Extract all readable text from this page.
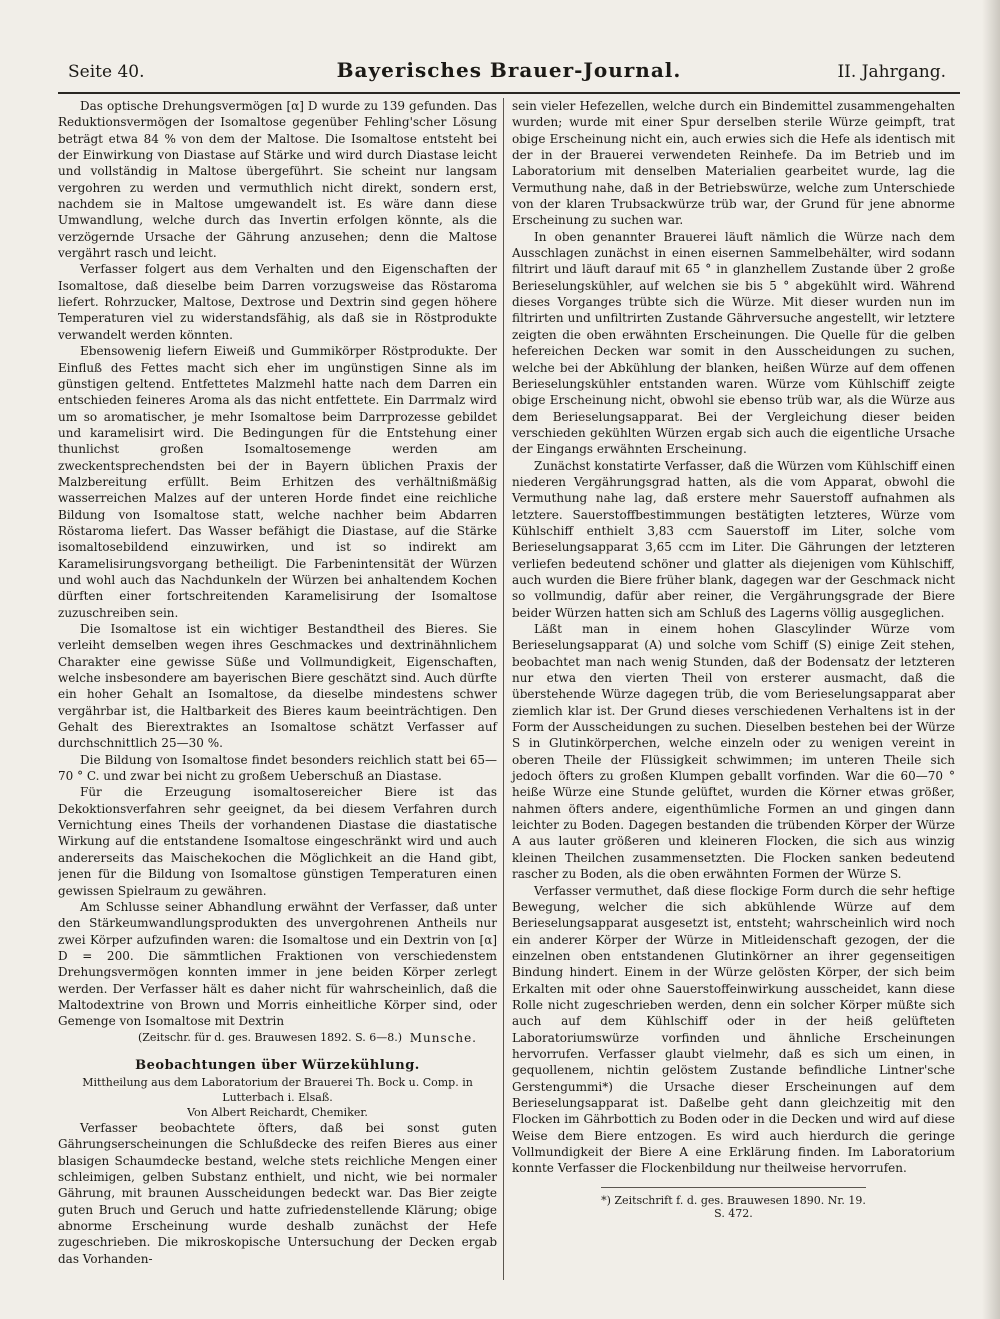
Seite 40.	Bayerisches Brauer-Journal.	II. Jahrgang.

Das optische Drehungsvermögen [α] D wurde zu 139 gefunden. Das Reduktionsvermögen der Isomaltose gegenüber Fehling'scher Lösung beträgt etwa 84 % von dem der Maltose. Die Isomaltose entsteht bei der Einwirkung von Diastase auf Stärke und wird durch Diastase leicht und vollständig in Maltose übergeführt. Sie scheint nur langsam vergohren zu werden und vermuthlich nicht direkt, sondern erst, nachdem sie in Maltose umgewandelt ist. Es wäre dann diese Umwandlung, welche durch das Invertin erfolgen könnte, als die verzögernde Ursache der Gährung anzusehen; denn die Maltose vergährt rasch und leicht.

Verfasser folgert aus dem Verhalten und den Eigenschaften der Isomaltose, daß dieselbe beim Darren vorzugsweise das Röstaroma liefert. Rohrzucker, Maltose, Dextrose und Dextrin sind gegen höhere Temperaturen viel zu widerstandsfähig, als daß sie in Röstprodukte verwandelt werden könnten.

Ebensowenig liefern Eiweiß und Gummikörper Röstprodukte. Der Einfluß des Fettes macht sich eher im ungünstigen Sinne als im günstigen geltend. Entfettetes Malzmehl hatte nach dem Darren ein entschieden feineres Aroma als das nicht entfettete. Ein Darrmalz wird um so aromatischer, je mehr Isomaltose beim Darrprozesse gebildet und karamelisirt wird. Die Bedingungen für die Entstehung einer thunlichst großen Isomaltosemenge werden am zweckentsprechendsten bei der in Bayern üblichen Praxis der Malzbereitung erfüllt. Beim Erhitzen des verhältnißmäßig wasserreichen Malzes auf der unteren Horde findet eine reichliche Bildung von Isomaltose statt, welche nachher beim Abdarren Röstaroma liefert. Das Wasser befähigt die Diastase, auf die Stärke isomaltosebildend einzuwirken, und ist so indirekt am Karamelisirungsvorgang betheiligt. Die Farbenintensität der Würzen und wohl auch das Nachdunkeln der Würzen bei anhaltendem Kochen dürften einer fortschreitenden Karamelisirung der Isomaltose zuzuschreiben sein.

Die Isomaltose ist ein wichtiger Bestandtheil des Bieres. Sie verleiht demselben wegen ihres Geschmackes und dextrinähnlichem Charakter eine gewisse Süße und Vollmundigkeit, Eigenschaften, welche insbesondere am bayerischen Biere geschätzt sind. Auch dürfte ein hoher Gehalt an Isomaltose, da dieselbe mindestens schwer vergährbar ist, die Haltbarkeit des Bieres kaum beeinträchtigen. Den Gehalt des Bierextraktes an Isomaltose schätzt Verfasser auf durchschnittlich 25—30 %.

Die Bildung von Isomaltose findet besonders reichlich statt bei 65—70 ° C. und zwar bei nicht zu großem Ueberschuß an Diastase.

Für die Erzeugung isomaltosereicher Biere ist das Dekoktionsverfahren sehr geeignet, da bei diesem Verfahren durch Vernichtung eines Theils der vorhandenen Diastase die diastatische Wirkung auf die entstandene Isomaltose eingeschränkt wird und auch andererseits das Maischekochen die Möglichkeit an die Hand gibt, jenen für die Bildung von Isomaltose günstigen Temperaturen einen gewissen Spielraum zu gewähren.

Am Schlusse seiner Abhandlung erwähnt der Verfasser, daß unter den Stärkeumwandlungsprodukten des unvergohrenen Antheils nur zwei Körper aufzufinden waren: die Isomaltose und ein Dextrin von [α] D = 200. Die sämmtlichen Fraktionen von verschiedenstem Drehungsvermögen konnten immer in jene beiden Körper zerlegt werden. Der Verfasser hält es daher nicht für wahrscheinlich, daß die Maltodextrine von Brown und Morris einheitliche Körper sind, oder Gemenge von Isomaltose mit Dextrin

(Zeitschr. für d. ges. Brauwesen 1892. S. 6—8.) Munsche.
Beobachtungen über Würzekühlung.
Mittheilung aus dem Laboratorium der Brauerei Th. Bock u. Comp. in Lutterbach i. Elsaß.
Von Albert Reichardt, Chemiker.

Verfasser beobachtete öfters, daß bei sonst guten Gährungserscheinungen die Schlußdecke des reifen Bieres aus einer blasigen Schaumdecke bestand, welche stets reichliche Mengen einer schleimigen, gelben Substanz enthielt, und nicht, wie bei normaler Gährung, mit braunen Ausscheidungen bedeckt war. Das Bier zeigte guten Bruch und Geruch und hatte zufriedenstellende Klärung; obige abnorme Erscheinung wurde deshalb zunächst der Hefe zugeschrieben. Die mikroskopische Untersuchung der Decken ergab das Vorhanden-

sein vieler Hefezellen, welche durch ein Bindemittel zusammengehalten wurden; wurde mit einer Spur derselben sterile Würze geimpft, trat obige Erscheinung nicht ein, auch erwies sich die Hefe als identisch mit der in der Brauerei verwendeten Reinhefe. Da im Betrieb und im Laboratorium mit denselben Materialien gearbeitet wurde, lag die Vermuthung nahe, daß in der Betriebswürze, welche zum Unterschiede von der klaren Trubsackwürze trüb war, der Grund für jene abnorme Erscheinung zu suchen war.

In oben genannter Brauerei läuft nämlich die Würze nach dem Ausschlagen zunächst in einen eisernen Sammelbehälter, wird sodann filtrirt und läuft darauf mit 65 ° in glanzhellem Zustande über 2 große Berieselungskühler, auf welchen sie bis 5 ° abgekühlt wird. Während dieses Vorganges trübte sich die Würze. Mit dieser wurden nun im filtrirten und unfiltrirten Zustande Gährversuche angestellt, wir letztere zeigten die oben erwähnten Erscheinungen. Die Quelle für die gelben hefereichen Decken war somit in den Ausscheidungen zu suchen, welche bei der Abkühlung der blanken, heißen Würze auf dem offenen Berieselungskühler entstanden waren. Würze vom Kühlschiff zeigte obige Erscheinung nicht, obwohl sie ebenso trüb war, als die Würze aus dem Berieselungsapparat. Bei der Vergleichung dieser beiden verschieden gekühlten Würzen ergab sich auch die eigentliche Ursache der Eingangs erwähnten Erscheinung.

Zunächst konstatirte Verfasser, daß die Würzen vom Kühlschiff einen niederen Vergährungsgrad hatten, als die vom Apparat, obwohl die Vermuthung nahe lag, daß erstere mehr Sauerstoff aufnahmen als letztere. Sauerstoffbestimmungen bestätigten letzteres, Würze vom Kühlschiff enthielt 3,83 ccm Sauerstoff im Liter, solche vom Berieselungsapparat 3,65 ccm im Liter. Die Gährungen der letzteren verliefen bedeutend schöner und glatter als diejenigen vom Kühlschiff, auch wurden die Biere früher blank, dagegen war der Geschmack nicht so vollmundig, dafür aber reiner, die Vergährungsgrade der Biere beider Würzen hatten sich am Schluß des Lagerns völlig ausgeglichen.

Läßt man in einem hohen Glascylinder Würze vom Berieselungsapparat (A) und solche vom Schiff (S) einige Zeit stehen, beobachtet man nach wenig Stunden, daß der Bodensatz der letzteren nur etwa den vierten Theil von ersterer ausmacht, daß die überstehende Würze dagegen trüb, die vom Berieselungsapparat aber ziemlich klar ist. Der Grund dieses verschiedenen Verhaltens ist in der Form der Ausscheidungen zu suchen. Dieselben bestehen bei der Würze S in Glutinkörperchen, welche einzeln oder zu wenigen vereint in oberen Theile der Flüssigkeit schwimmen; im unteren Theile sich jedoch öfters zu großen Klumpen geballt vorfinden. War die 60—70 ° heiße Würze eine Stunde gelüftet, wurden die Körner etwas größer, nahmen öfters andere, eigenthümliche Formen an und gingen dann leichter zu Boden. Dagegen bestanden die trübenden Körper der Würze A aus lauter größeren und kleineren Flocken, die sich aus winzig kleinen Theilchen zusammensetzten. Die Flocken sanken bedeutend rascher zu Boden, als die oben erwähnten Formen der Würze S.

Verfasser vermuthet, daß diese flockige Form durch die sehr heftige Bewegung, welcher die sich abkühlende Würze auf dem Berieselungsapparat ausgesetzt ist, entsteht; wahrscheinlich wird noch ein anderer Körper der Würze in Mitleidenschaft gezogen, der die einzelnen oben entstandenen Glutinkörner an ihrer gegenseitigen Bindung hindert. Einem in der Würze gelösten Körper, der sich beim Erkalten mit oder ohne Sauerstoffeinwirkung ausscheidet, kann diese Rolle nicht zugeschrieben werden, denn ein solcher Körper müßte sich auch auf dem Kühlschiff oder in der heiß gelüfteten Laboratoriumswürze vorfinden und ähnliche Erscheinungen hervorrufen. Verfasser glaubt vielmehr, daß es sich um einen, in gequollenem, nichtin gelöstem Zustande befindliche Lintner'sche Gerstengummi*) die Ursache dieser Erscheinungen auf dem Berieselungsapparat ist. Daßelbe geht dann gleichzeitig mit den Flocken im Gährbottich zu Boden oder in die Decken und wird auf diese Weise dem Biere entzogen. Es wird auch hierdurch die geringe Vollmundigkeit der Biere A eine Erklärung finden. Im Laboratorium konnte Verfasser die Flockenbildung nur theilweise hervorrufen.

*) Zeitschrift f. d. ges. Brauwesen 1890. Nr. 19. S. 472.
